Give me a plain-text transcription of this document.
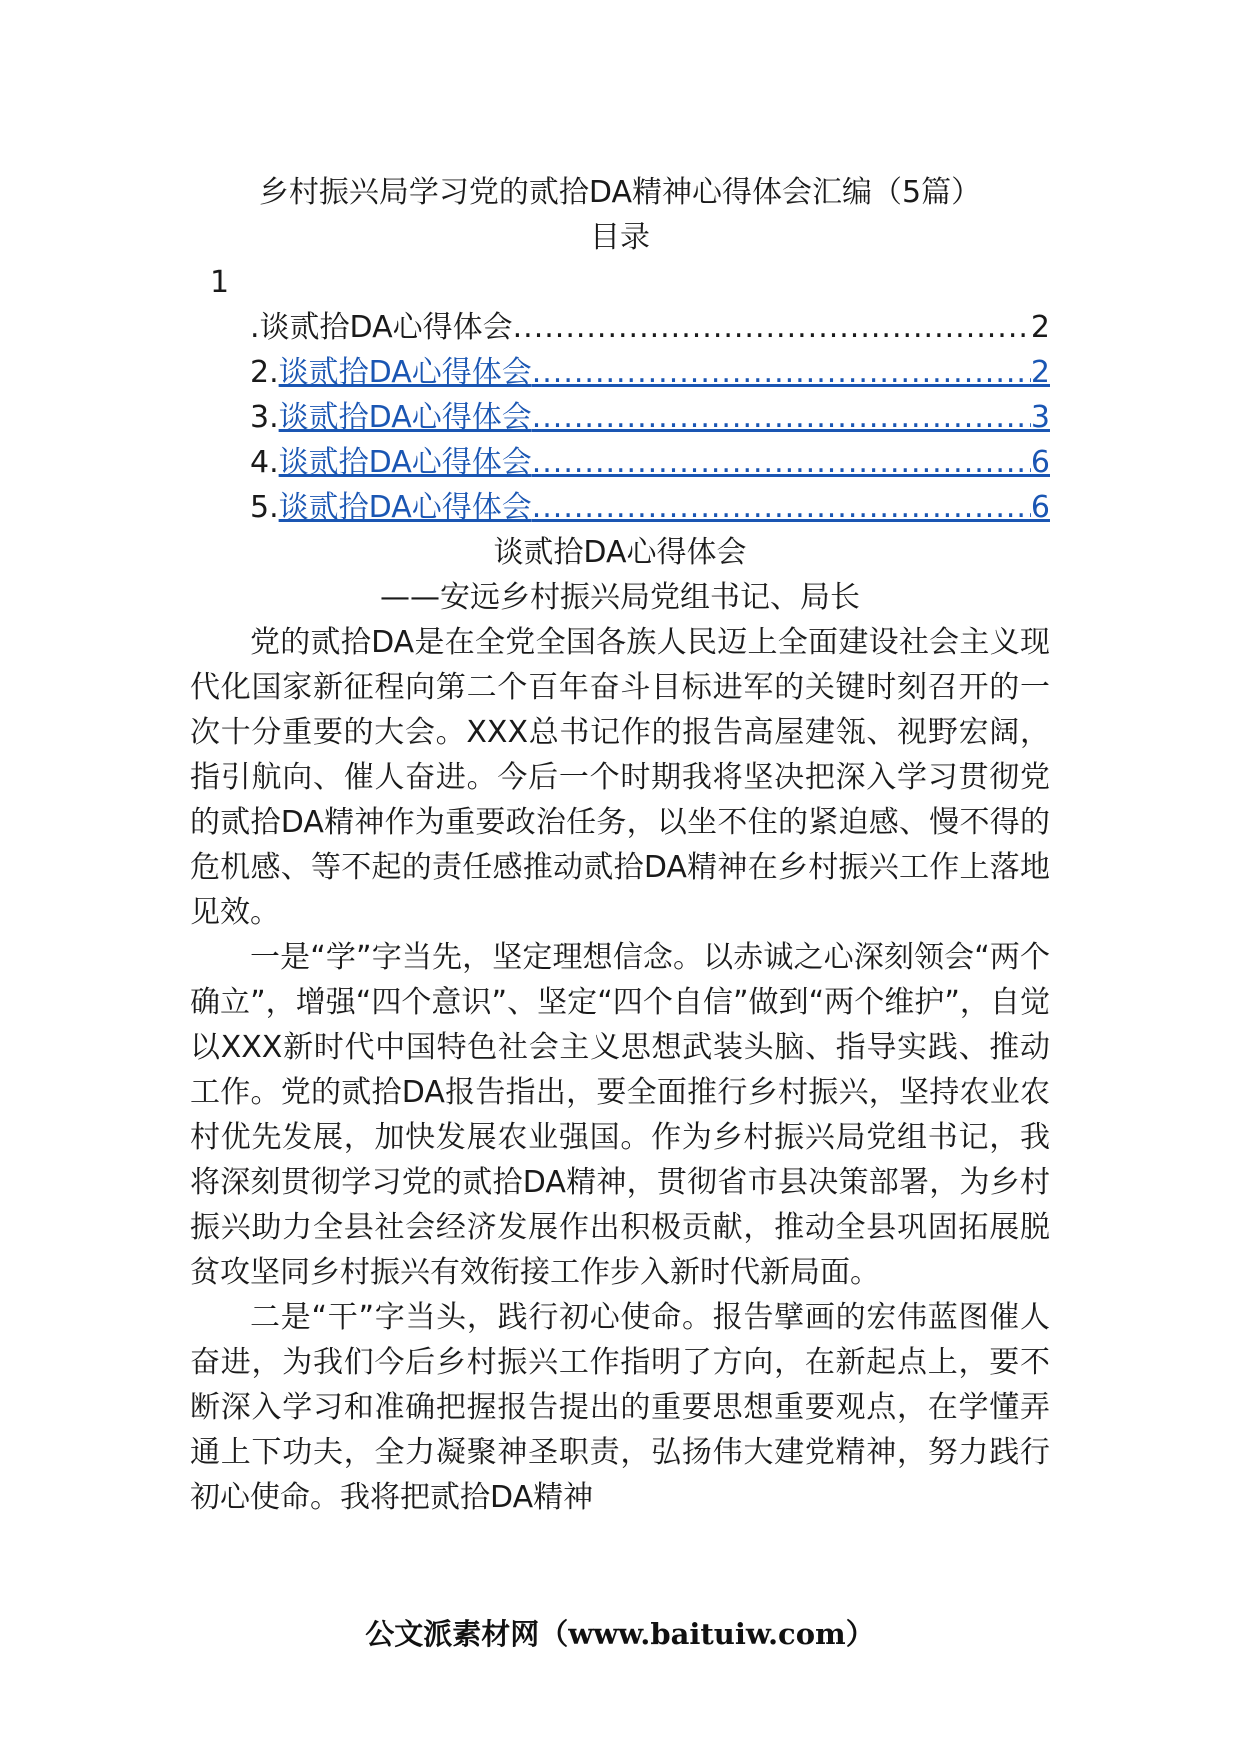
乡村振兴局学习党的贰拾DA精神心得体会汇编（5篇）
目录
1
.谈贰拾DA心得体会 .....	2
2. 谈贰拾DA心得体会 .....	2
3. 谈贰拾DA心得体会 .....	3
4. 谈贰拾DA心得体会 .....	6
5. 谈贰拾DA心得体会 .....	6
谈贰拾DA心得体会
——安远乡村振兴局党组书记、局长

党的贰拾DA是在全党全国各族人民迈上全面建设社会主义现代化国家新征程向第二个百年奋斗目标进军的关键时刻召开的一次十分重要的大会。XXX总书记作的报告高屋建瓴、视野宏阔，指引航向、催人奋进。今后一个时期我将坚决把深入学习贯彻党的贰拾DA精神作为重要政治任务，以坐不住的紧迫感、慢不得的危机感、等不起的责任感推动贰拾DA精神在乡村振兴工作上落地见效。

一是“学”字当先，坚定理想信念。以赤诚之心深刻领会“两个确立”，增强“四个意识”、坚定“四个自信”做到“两个维护”，自觉以XXX新时代中国特色社会主义思想武装头脑、指导实践、推动工作。党的贰拾DA报告指出，要全面推行乡村振兴，坚持农业农村优先发展，加快发展农业强国。作为乡村振兴局党组书记，我将深刻贯彻学习党的贰拾DA精神，贯彻省市县决策部署，为乡村振兴助力全县社会经济发展作出积极贡献，推动全县巩固拓展脱贫攻坚同乡村振兴有效衔接工作步入新时代新局面。

二是“干”字当头，践行初心使命。报告擘画的宏伟蓝图催人奋进，为我们今后乡村振兴工作指明了方向，在新起点上，要不断深入学习和准确把握报告提出的重要思想重要观点，在学懂弄通上下功夫，全力凝聚神圣职责，弘扬伟大建党精神，努力践行初心使命。我将把贰拾DA精神

公文派素材网（www.baituiw.com）
